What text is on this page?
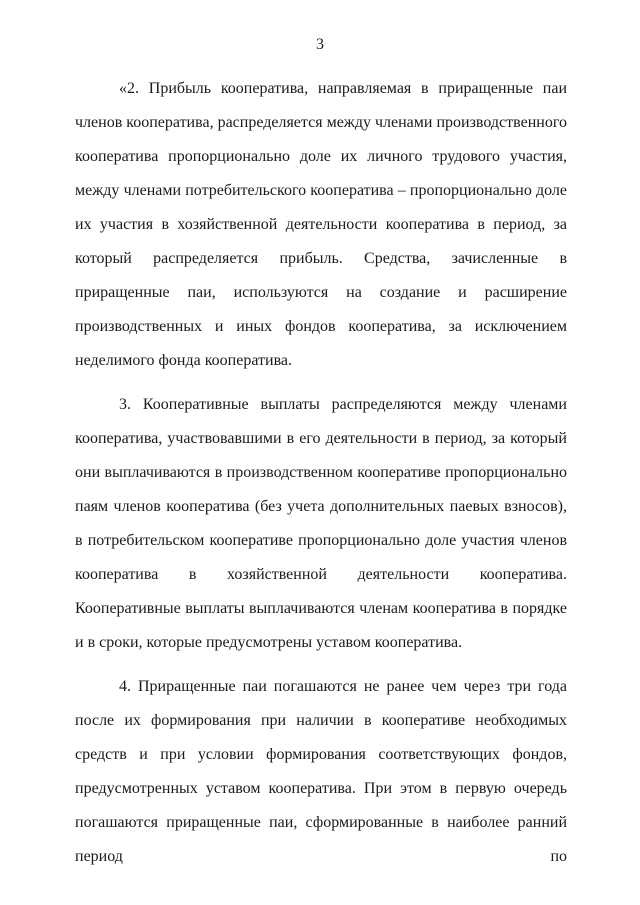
3

«2. Прибыль кооператива, направляемая в приращенные паи членов кооператива, распределяется между членами производственного кооператива пропорционально доле их личного трудового участия, между членами потребительского кооператива – пропорционально доле их участия в хозяйственной деятельности кооператива в период, за который распределяется прибыль. Средства, зачисленные в приращенные паи, используются на создание и расширение производственных и иных фондов кооператива, за исключением неделимого фонда кооператива.

3. Кооперативные выплаты распределяются между членами кооператива, участвовавшими в его деятельности в период, за который они выплачиваются в производственном кооперативе пропорционально паям членов кооператива (без учета дополнительных паевых взносов), в потребительском кооперативе пропорционально доле участия членов кооператива в хозяйственной деятельности кооператива. Кооперативные выплаты выплачиваются членам кооператива в порядке и в сроки, которые предусмотрены уставом кооператива.

4. Приращенные паи погашаются не ранее чем через три года после их формирования при наличии в кооперативе необходимых средств и при условии формирования соответствующих фондов, предусмотренных уставом кооператива. При этом в первую очередь погашаются приращенные паи, сформированные в наиболее ранний период по
